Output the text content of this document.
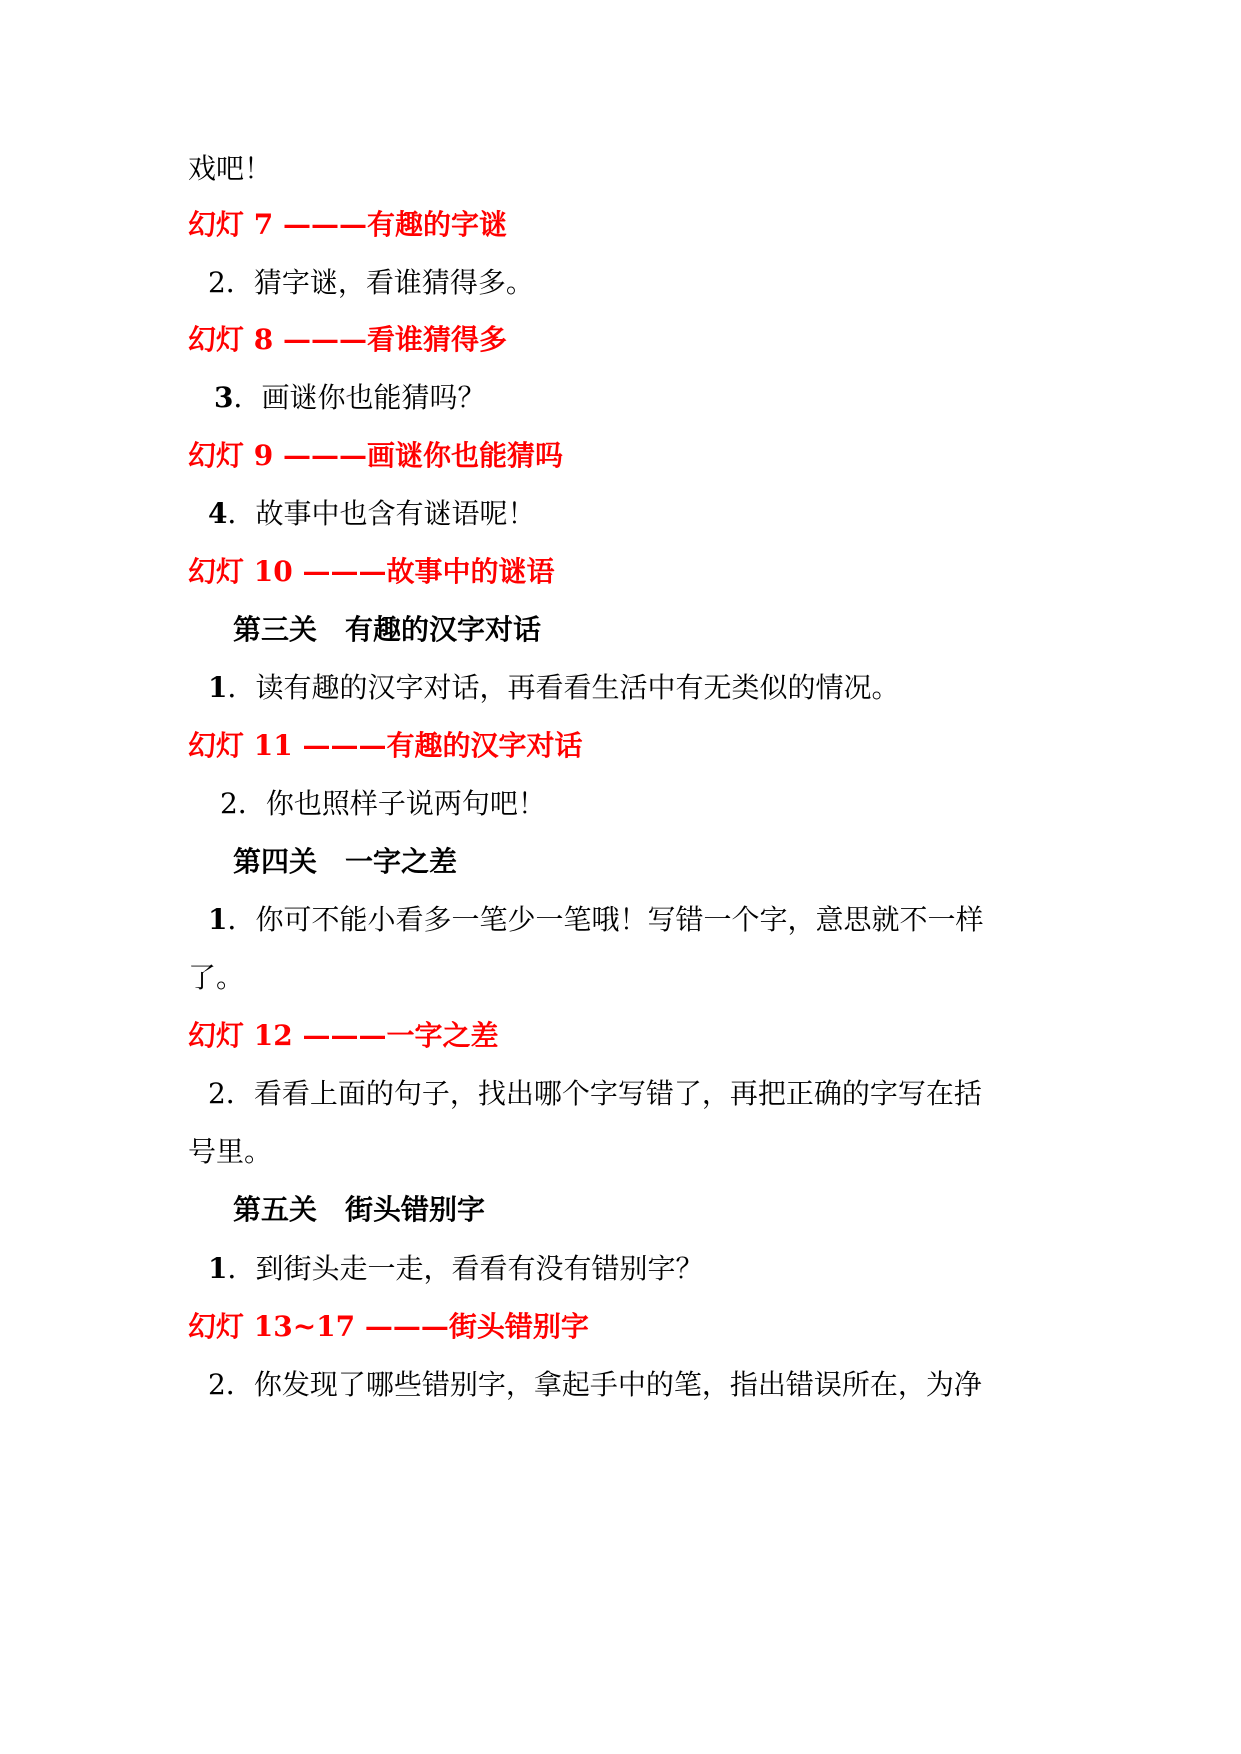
戏吧！
幻灯 7 ———有趣的字谜
2．猜字谜，看谁猜得多。
幻灯 8 ———看谁猜得多
3．画谜你也能猜吗？
幻灯 9 ———画谜你也能猜吗
4．故事中也含有谜语呢！
幻灯 10 ———故事中的谜语
第三关　有趣的汉字对话
1．读有趣的汉字对话，再看看生活中有无类似的情况。
幻灯 11 ———有趣的汉字对话
2．你也照样子说两句吧！
第四关　一字之差
1．你可不能小看多一笔少一笔哦！写错一个字，意思就不一样
了。
幻灯 12 ———一字之差
2．看看上面的句子，找出哪个字写错了，再把正确的字写在括
号里。
第五关　街头错别字
1．到街头走一走，看看有没有错别字？
幻灯 13~17 ———街头错别字
2．你发现了哪些错别字，拿起手中的笔，指出错误所在，为净
